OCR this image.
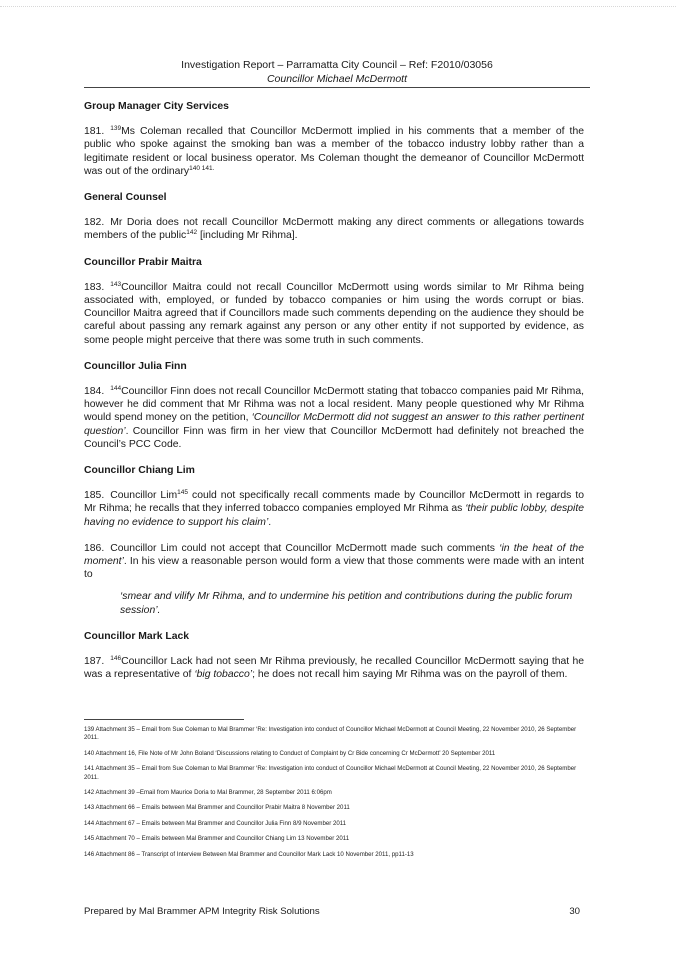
Investigation Report – Parramatta City Council – Ref: F2010/03056
Councillor Michael McDermott
Group Manager City Services

181. $^{139}$Ms Coleman recalled that Councillor McDermott implied in his comments that a member of the public who spoke against the smoking ban was a member of the tobacco industry lobby rather than a legitimate resident or local business operator. Ms Coleman thought the demeanor of Councillor McDermott was out of the ordinary$^{140 141.}$

General Counsel

182. Mr Doria does not recall Councillor McDermott making any direct comments or allegations towards members of the public$^{142}$ [including Mr Rihma].

Councillor Prabir Maitra

183. $^{143}$Councillor Maitra could not recall Councillor McDermott using words similar to Mr Rihma being associated with, employed, or funded by tobacco companies or him using the words corrupt or bias. Councillor Maitra agreed that if Councillors made such comments depending on the audience they should be careful about passing any remark against any person or any other entity if not supported by evidence, as some people might perceive that there was some truth in such comments.

Councillor Julia Finn

184. $^{144}$Councillor Finn does not recall Councillor McDermott stating that tobacco companies paid Mr Rihma, however he did comment that Mr Rihma was not a local resident. Many people questioned why Mr Rihma would spend money on the petition, ‘Councillor McDermott did not suggest an answer to this rather pertinent question’. Councillor Finn was firm in her view that Councillor McDermott had definitely not breached the Council’s PCC Code.

Councillor Chiang Lim

185. Councillor Lim$^{145}$ could not specifically recall comments made by Councillor McDermott in regards to Mr Rihma; he recalls that they inferred tobacco companies employed Mr Rihma as ‘their public lobby, despite having no evidence to support his claim’.

186. Councillor Lim could not accept that Councillor McDermott made such comments ‘in the heat of the moment’. In his view a reasonable person would form a view that those comments were made with an intent to

‘smear and vilify Mr Rihma, and to undermine his petition and contributions during the public forum session’.

Councillor Mark Lack

187. $^{146}$Councillor Lack had not seen Mr Rihma previously, he recalled Councillor McDermott saying that he was a representative of ‘big tobacco’; he does not recall him saying Mr Rihma was on the payroll of them.

139 Attachment 35 – Email from Sue Coleman to Mal Brammer ‘Re: Investigation into conduct of Councillor Michael McDermott at Council Meeting, 22 November 2010, 26 September 2011.
140 Attachment 16, File Note of Mr John Boland ‘Discussions relating to Conduct of Complaint by Cr Bide concerning Cr McDermott’ 20 September 2011
141 Attachment 35 – Email from Sue Coleman to Mal Brammer ‘Re: Investigation into conduct of Councillor Michael McDermott at Council Meeting, 22 November 2010, 26 September 2011.
142 Attachment 39 –Email from Maurice Doria to Mal Brammer, 28 September 2011 6:06pm
143 Attachment 66 – Emails between Mal Brammer and Councillor Prabir Maitra 8 November 2011
144 Attachment 67 – Emails between Mal Brammer and Councillor Julia Finn 8/9 November 2011
145 Attachment 70 – Emails between Mal Brammer and Councillor Chiang Lim 13 November 2011
146 Attachment 86 – Transcript of Interview Between Mal Brammer and Councillor Mark Lack 10 November 2011, pp11-13
Prepared by Mal Brammer APM Integrity Risk Solutions	30
